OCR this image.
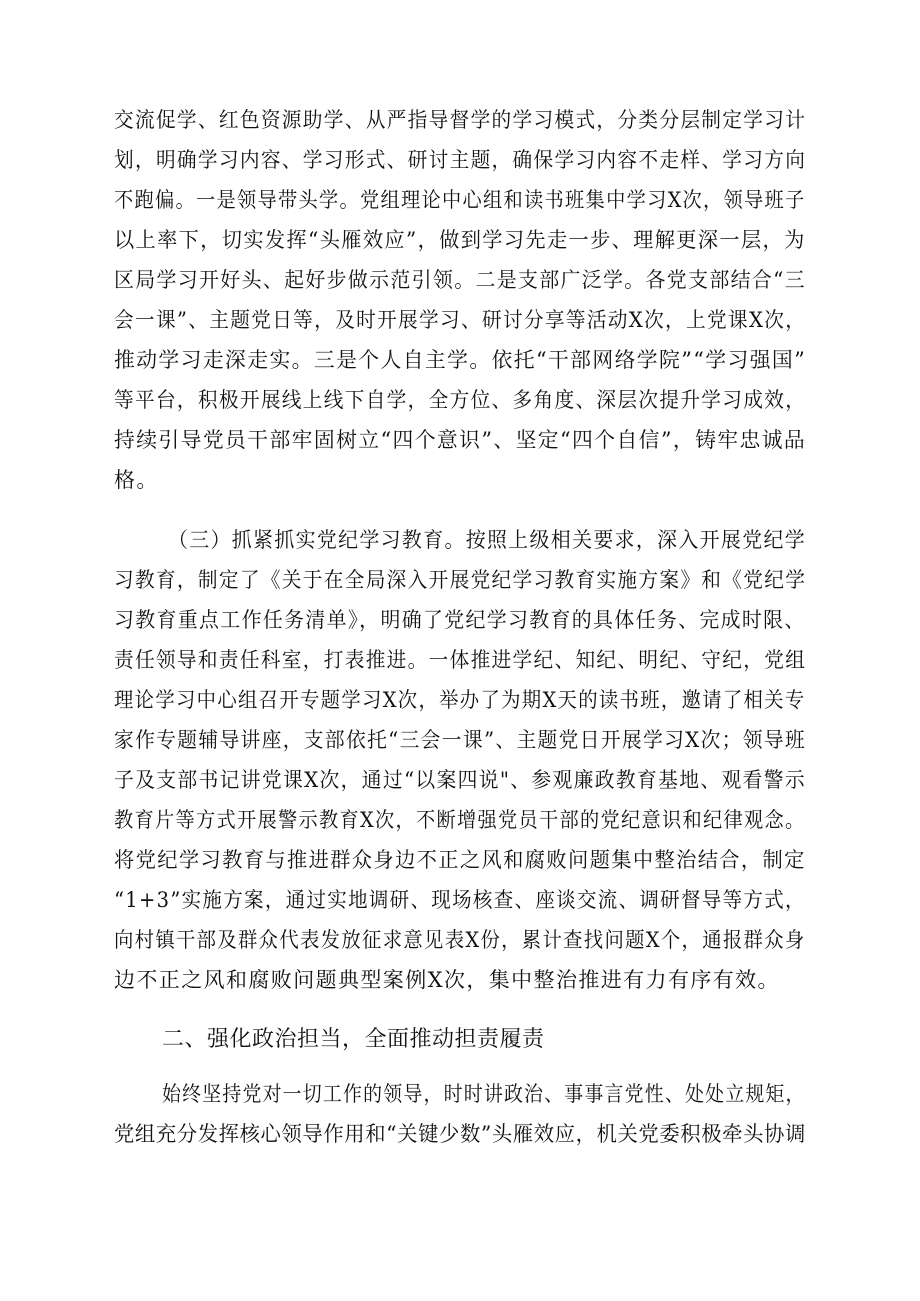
交流促学、红色资源助学、从严指导督学的学习模式，分类分层制定学习计
划，明确学习内容、学习形式、研讨主题，确保学习内容不走样、学习方向
不跑偏。一是领导带头学。党组理论中心组和读书班集中学习X次，领导班子
以上率下，切实发挥“头雁效应”，做到学习先走一步、理解更深一层，为
区局学习开好头、起好步做示范引领。二是支部广泛学。各党支部结合“三
会一课”、主题党日等，及时开展学习、研讨分享等活动X次，上党课X次，
推动学习走深走实。三是个人自主学。依托“干部网络学院”“学习强国”
等平台，积极开展线上线下自学，全方位、多角度、深层次提升学习成效，
持续引导党员干部牢固树立“四个意识”、坚定“四个自信”，铸牢忠诚品
格。
（三）抓紧抓实党纪学习教育。按照上级相关要求，深入开展党纪学
习教育，制定了《关于在全局深入开展党纪学习教育实施方案》和《党纪学
习教育重点工作任务清单》，明确了党纪学习教育的具体任务、完成时限、
责任领导和责任科室，打表推进。一体推进学纪、知纪、明纪、守纪，党组
理论学习中心组召开专题学习X次，举办了为期X天的读书班，邀请了相关专
家作专题辅导讲座，支部依托“三会一课”、主题党日开展学习X次；领导班
子及支部书记讲党课X次，通过“以案四说"、参观廉政教育基地、观看警示
教育片等方式开展警示教育X次，不断增强党员干部的党纪意识和纪律观念。
将党纪学习教育与推进群众身边不正之风和腐败问题集中整治结合，制定
“1+3”实施方案，通过实地调研、现场核查、座谈交流、调研督导等方式，
向村镇干部及群众代表发放征求意见表X份，累计查找问题X个，通报群众身
边不正之风和腐败问题典型案例X次，集中整治推进有力有序有效。
二、强化政治担当，全面推动担责履责
始终坚持党对一切工作的领导，时时讲政治、事事言党性、处处立规矩，
党组充分发挥核心领导作用和“关键少数”头雁效应，机关党委积极牵头协调
